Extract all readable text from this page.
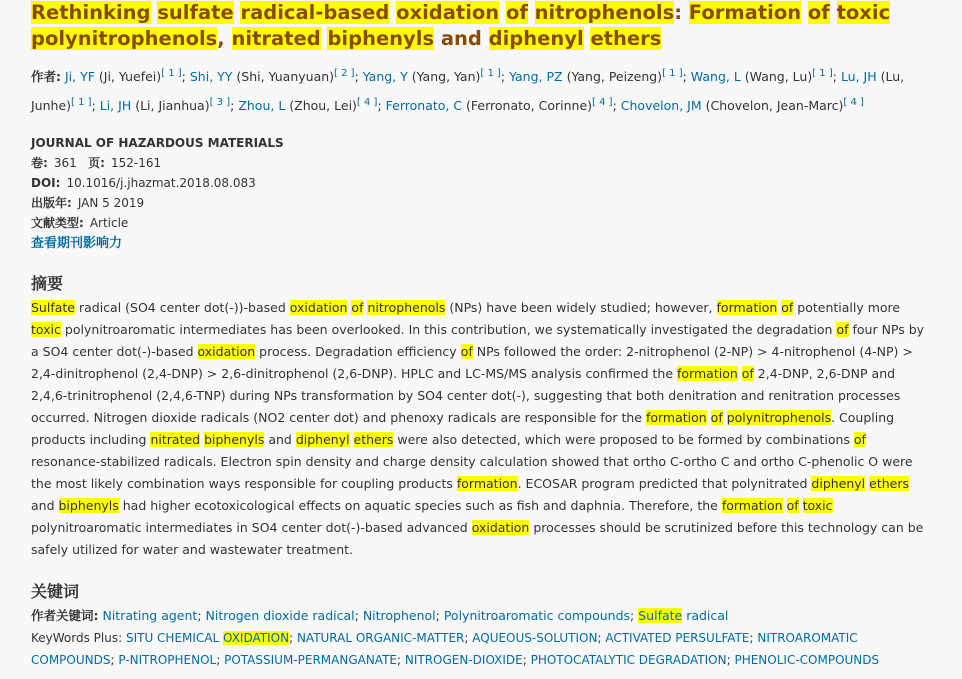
Rethinking sulfate radical-based oxidation of nitrophenols: Formation of toxic polynitrophenols, nitrated biphenyls and diphenyl ethers
作者: Ji, YF (Ji, Yuefei)[ 1 ]; Shi, YY (Shi, Yuanyuan)[ 2 ]; Yang, Y (Yang, Yan)[ 1 ]; Yang, PZ (Yang, Peizeng)[ 1 ]; Wang, L (Wang, Lu)[ 1 ]; Lu, JH (Lu, Junhe)[ 1 ]; Li, JH (Li, Jianhua)[ 3 ]; Zhou, L (Zhou, Lei)[ 4 ]; Ferronato, C (Ferronato, Corinne)[ 4 ]; Chovelon, JM (Chovelon, Jean-Marc)[ 4 ]
JOURNAL OF HAZARDOUS MATERIALS
卷: 361 页: 152-161
DOI: 10.1016/j.jhazmat.2018.08.083
出版年: JAN 5 2019
文献类型: Article
查看期刊影响力
摘要
Sulfate radical (SO4 center dot(-))-based oxidation of nitrophenols (NPs) have been widely studied; however, formation of potentially more toxic polynitroaromatic intermediates has been overlooked. In this contribution, we systematically investigated the degradation of four NPs by a SO4 center dot(-)-based oxidation process. Degradation efficiency of NPs followed the order: 2-nitrophenol (2-NP) > 4-nitrophenol (4-NP) > 2,4-dinitrophenol (2,4-DNP) > 2,6-dinitrophenol (2,6-DNP). HPLC and LC-MS/MS analysis confirmed the formation of 2,4-DNP, 2,6-DNP and 2,4,6-trinitrophenol (2,4,6-TNP) during NPs transformation by SO4 center dot(-), suggesting that both denitration and renitration processes occurred. Nitrogen dioxide radicals (NO2 center dot) and phenoxy radicals are responsible for the formation of polynitrophenols. Coupling products including nitrated biphenyls and diphenyl ethers were also detected, which were proposed to be formed by combinations of resonance-stabilized radicals. Electron spin density and charge density calculation showed that ortho C-ortho C and ortho C-phenolic O were the most likely combination ways responsible for coupling products formation. ECOSAR program predicted that polynitrated diphenyl ethers and biphenyls had higher ecotoxicological effects on aquatic species such as fish and daphnia. Therefore, the formation of toxic polynitroaromatic intermediates in SO4 center dot(-)-based advanced oxidation processes should be scrutinized before this technology can be safely utilized for water and wastewater treatment.
关键词
作者关键词: Nitrating agent; Nitrogen dioxide radical; Nitrophenol; Polynitroaromatic compounds; Sulfate radical
KeyWords Plus: SITU CHEMICAL OXIDATION; NATURAL ORGANIC-MATTER; AQUEOUS-SOLUTION; ACTIVATED PERSULFATE; NITROAROMATIC COMPOUNDS; P-NITROPHENOL; POTASSIUM-PERMANGANATE; NITROGEN-DIOXIDE; PHOTOCATALYTIC DEGRADATION; PHENOLIC-COMPOUNDS
